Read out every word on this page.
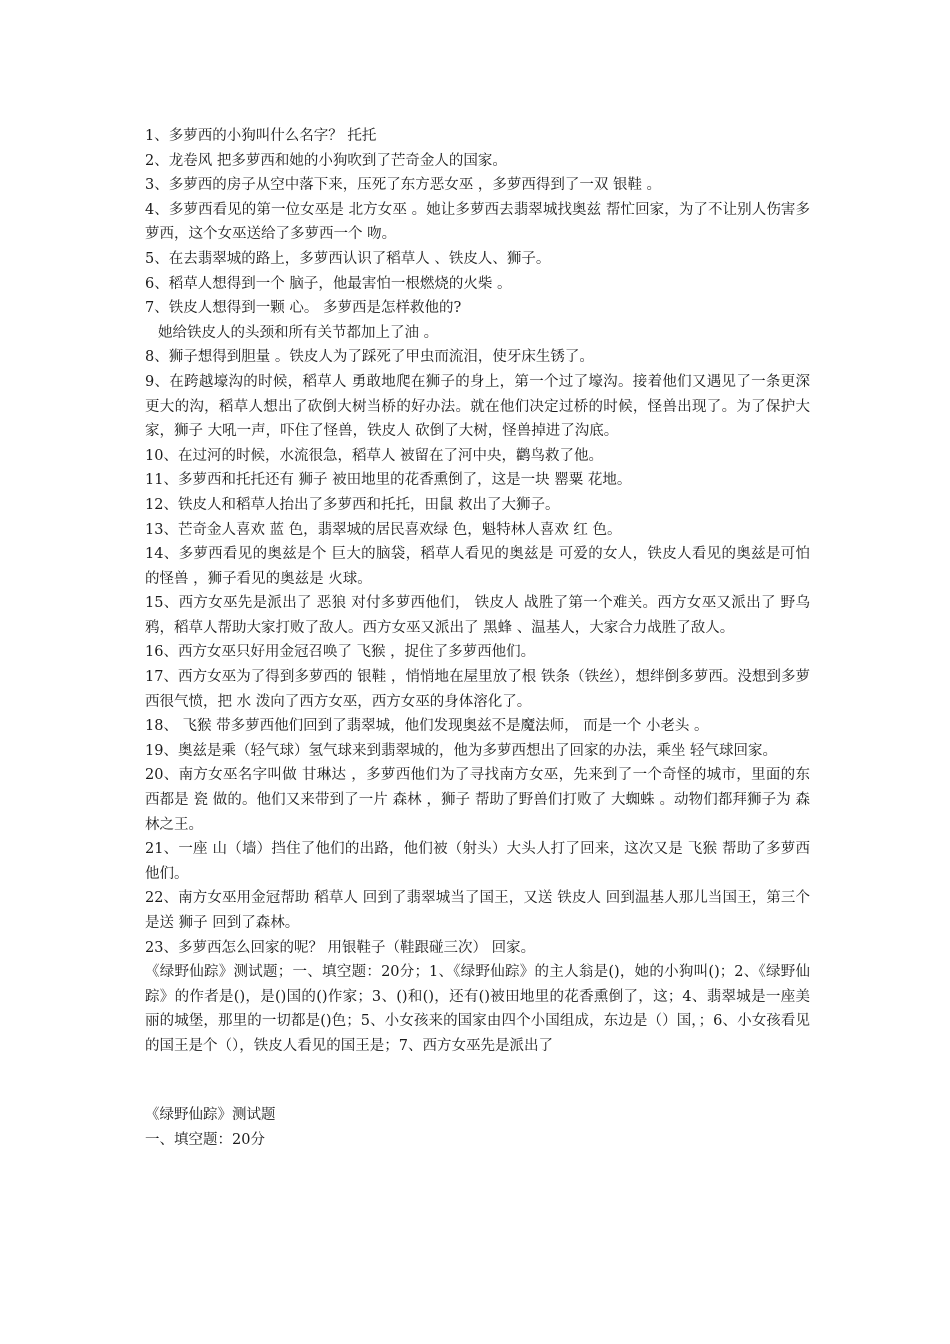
1、多萝西的小狗叫什么名字？ 托托

2、龙卷风 把多萝西和她的小狗吹到了芒奇金人的国家。

3、多萝西的房子从空中落下来，压死了东方恶女巫 ，多萝西得到了一双 银鞋 。

4、多萝西看见的第一位女巫是 北方女巫 。她让多萝西去翡翠城找奥兹 帮忙回家，为了不让别人伤害多萝西，这个女巫送给了多萝西一个 吻。

5、在去翡翠城的路上，多萝西认识了稻草人 、铁皮人、狮子。

6、稻草人想得到一个 脑子，他最害怕一根燃烧的火柴 。

7、铁皮人想得到一颗 心。 多萝西是怎样救他的?

她给铁皮人的头颈和所有关节都加上了油 。

8、狮子想得到胆量 。铁皮人为了踩死了甲虫而流泪，使牙床生锈了。

9、在跨越壕沟的时候，稻草人 勇敢地爬在狮子的身上，第一个过了壕沟。接着他们又遇见了一条更深更大的沟，稻草人想出了砍倒大树当桥的好办法。就在他们决定过桥的时候，怪兽出现了。为了保护大家，狮子 大吼一声，吓住了怪兽，铁皮人 砍倒了大树，怪兽掉进了沟底。

10、在过河的时候，水流很急，稻草人 被留在了河中央，鹳鸟救了他。

11、多萝西和托托还有 狮子 被田地里的花香熏倒了，这是一块 罂粟 花地。

12、铁皮人和稻草人抬出了多萝西和托托，田鼠 救出了大狮子。

13、芒奇金人喜欢 蓝 色，翡翠城的居民喜欢绿 色，魁特林人喜欢 红 色。

14、多萝西看见的奥兹是个 巨大的脑袋，稻草人看见的奥兹是 可爱的女人，铁皮人看见的奥兹是可怕的怪兽 ，狮子看见的奥兹是 火球。

15、西方女巫先是派出了 恶狼 对付多萝西他们， 铁皮人 战胜了第一个难关。西方女巫又派出了 野乌鸦，稻草人帮助大家打败了敌人。西方女巫又派出了 黑蜂 、温基人，大家合力战胜了敌人。

16、西方女巫只好用金冠召唤了 飞猴 ，捉住了多萝西他们。

17、西方女巫为了得到多萝西的 银鞋 ，悄悄地在屋里放了根 铁条（铁丝），想绊倒多萝西。没想到多萝西很气愤，把 水 泼向了西方女巫，西方女巫的身体溶化了。

18、 飞猴 带多萝西他们回到了翡翠城，他们发现奥兹不是魔法师， 而是一个 小老头 。

19、奥兹是乘（轻气球）氢气球来到翡翠城的，他为多萝西想出了回家的办法，乘坐 轻气球回家。

20、南方女巫名字叫做 甘琳达 ，多萝西他们为了寻找南方女巫，先来到了一个奇怪的城市，里面的东西都是 瓷 做的。他们又来带到了一片 森林 ，狮子 帮助了野兽们打败了 大蜘蛛 。动物们都拜狮子为 森林之王。

21、一座 山（墙）挡住了他们的出路，他们被（射头）大头人打了回来，这次又是 飞猴 帮助了多萝西他们。

22、南方女巫用金冠帮助 稻草人 回到了翡翠城当了国王，又送 铁皮人 回到温基人那儿当国王，第三个是送 狮子 回到了森林。

23、多萝西怎么回家的呢？ 用银鞋子（鞋跟碰三次） 回家。

《绿野仙踪》测试题；一、填空题：20分；1、《绿野仙踪》的主人翁是()，她的小狗叫()；2、《绿野仙踪》的作者是()，是()国的()作家；3、()和()，还有()被田地里的花香熏倒了，这；4、翡翠城是一座美丽的城堡，那里的一切都是()色；5、小女孩来的国家由四个小国组成，东边是（）国，；6、小女孩看见的国王是个（），铁皮人看见的国王是；7、西方女巫先是派出了

《绿野仙踪》测试题

一、填空题：20分
